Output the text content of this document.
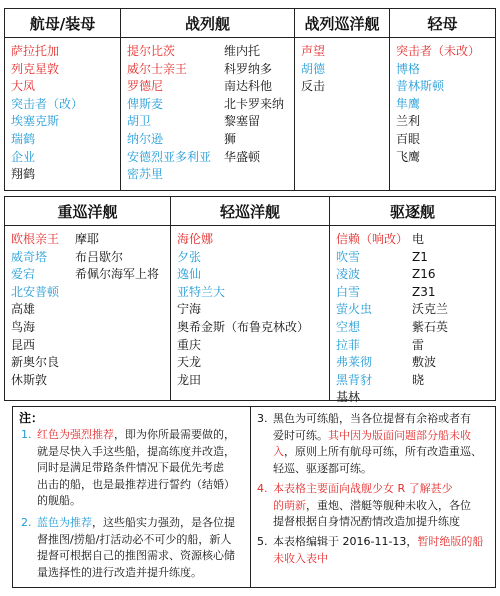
航母/装母
萨拉托加
列克星敦
大凤
突击者（改）
埃塞克斯
瑞鹤
企业
翔鹤
战列舰
提尔比茨
威尔士亲王
罗德尼
俾斯麦
胡卫
纳尔逊
安德烈亚多利亚
密苏里
维内托
科罗纳多
南达科他
北卡罗来纳
黎塞留
狮
华盛顿
战列巡洋舰
声望
胡德
反击
轻母
突击者（未改）
博格
普林斯顿
隼鹰
兰利
百眼
飞鹰
重巡洋舰
欧根亲王
威奇塔
爱宕
北安普顿
高雄
鸟海
昆西
新奥尔良
休斯敦
摩耶
布吕歇尔
希佩尔海军上将
轻巡洋舰
海伦娜
夕张
逸仙
亚特兰大
宁海
奥希金斯（布鲁克林改）
重庆
天龙
龙田
驱逐舰
信赖（响改）
吹雪
凌波
白雪
萤火虫
空想
拉菲
弗莱彻
黑背豺
基林
电
Z1
Z16
Z31
沃克兰
紫石英
雷
敷波
晓
注：
1. 红色为强烈推荐，即为你所最需要做的，
就是尽快入手这些船，提高练度并改造，
同时是满足带路条件情况下最优先考虑
出击的船，也是最推荐进行誓约（结婚）
的舰船。
2. 蓝色为推荐，这些船实力强劲，是各位提
督推图/捞船/打活动必不可少的船，新人
提督可根据自己的推图需求、资源核心储
量选择性的进行改造并提升练度。
3. 黑色为可练船，当各位提督有余裕或者有
爱时可练。其中因为版面问题部分船未收
入，原则上所有航母可练，所有改造重巡、
轻巡、驱逐都可练。
4. 本表格主要面向战舰少女 R 了解甚少
的萌新，重炮、潜艇等舰种未收入，各位
提督根据自身情况酌情改造加提升练度
5. 本表格编辑于 2016-11-13，暂时绝版的船
未收入表中
